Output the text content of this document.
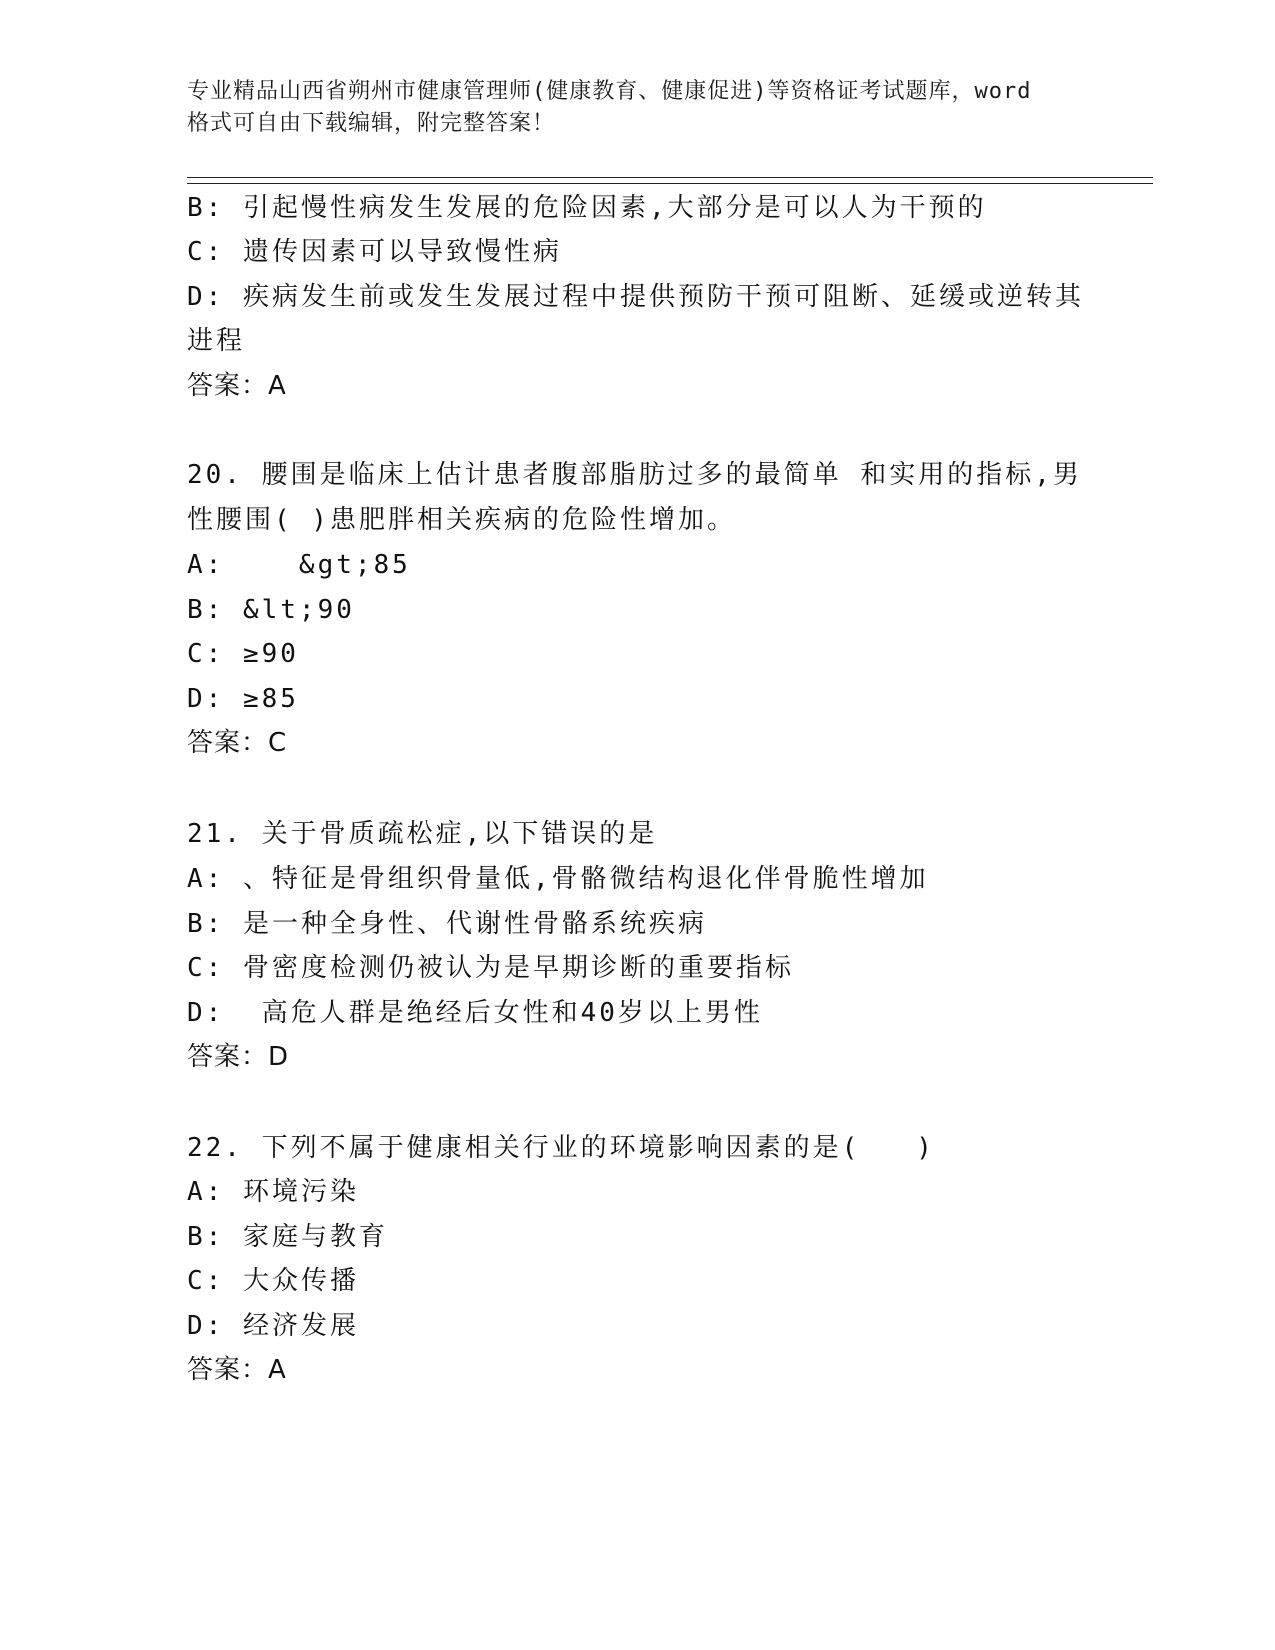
专业精品山西省朔州市健康管理师(健康教育、健康促进)等资格证考试题库，word
格式可自由下载编辑，附完整答案！
B: 引起慢性病发生发展的危险因素,大部分是可以人为干预的
C: 遗传因素可以导致慢性病
D: 疾病发生前或发生发展过程中提供预防干预可阻断、延缓或逆转其
进程
答案：A
20. 腰围是临床上估计患者腹部脂肪过多的最简单 和实用的指标,男
性腰围( )患肥胖相关疾病的危险性增加。
A:    &gt;85
B: &lt;90
C: ≥90
D: ≥85
答案：C
21. 关于骨质疏松症,以下错误的是
A: 、特征是骨组织骨量低,骨骼微结构退化伴骨脆性增加
B: 是一种全身性、代谢性骨骼系统疾病
C: 骨密度检测仍被认为是早期诊断的重要指标
D:  高危人群是绝经后女性和40岁以上男性
答案：D
22. 下列不属于健康相关行业的环境影响因素的是(   )
A: 环境污染
B: 家庭与教育
C: 大众传播
D: 经济发展
答案：A
